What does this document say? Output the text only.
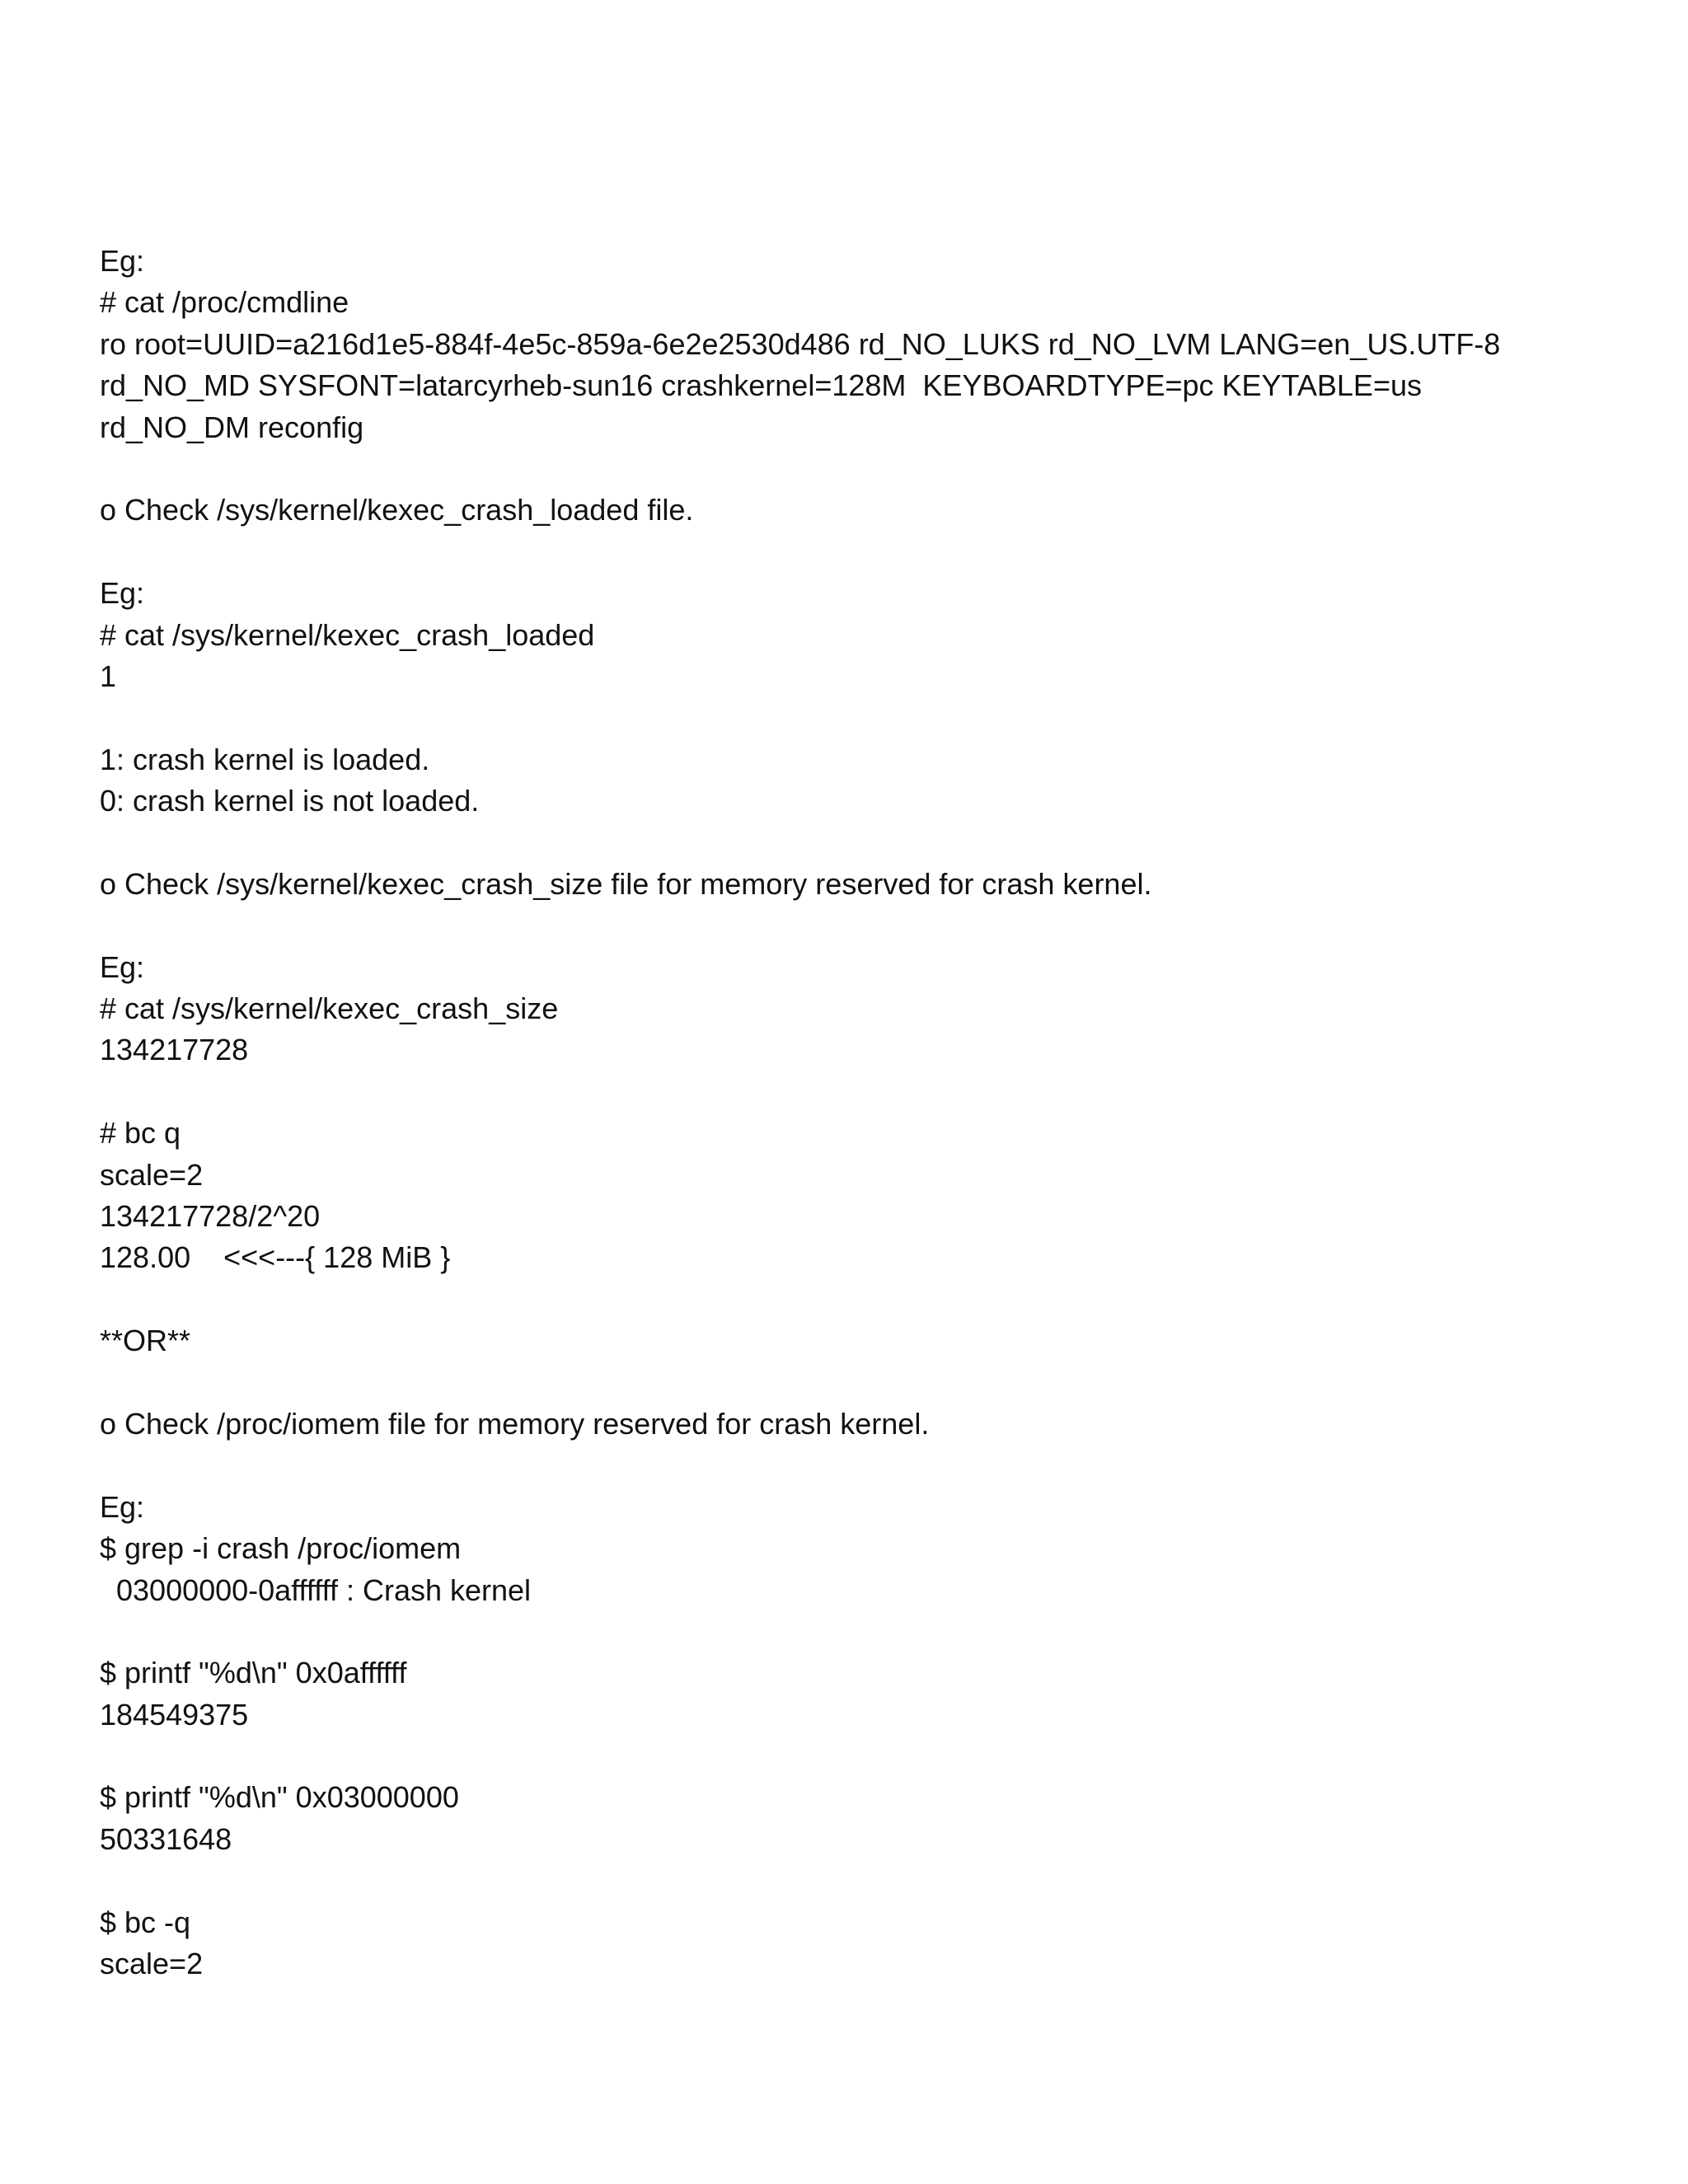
Eg:
# cat /proc/cmdline
ro root=UUID=a216d1e5-884f-4e5c-859a-6e2e2530d486 rd_NO_LUKS rd_NO_LVM LANG=en_US.UTF-8
rd_NO_MD SYSFONT=latarcyrheb-sun16 crashkernel=128M  KEYBOARDTYPE=pc KEYTABLE=us
rd_NO_DM reconfig
o Check /sys/kernel/kexec_crash_loaded file.
Eg:
# cat /sys/kernel/kexec_crash_loaded
1
1: crash kernel is loaded.
0: crash kernel is not loaded.
o Check /sys/kernel/kexec_crash_size file for memory reserved for crash kernel.
Eg:
# cat /sys/kernel/kexec_crash_size
134217728
# bc q
scale=2
134217728/2^20
128.00    <<<---{ 128 MiB }
**OR**
o Check /proc/iomem file for memory reserved for crash kernel.
Eg:
$ grep -i crash /proc/iomem
03000000-0affffff : Crash kernel
$ printf "%d\n" 0x0affffff
184549375
$ printf "%d\n" 0x03000000
50331648
$ bc -q
scale=2
